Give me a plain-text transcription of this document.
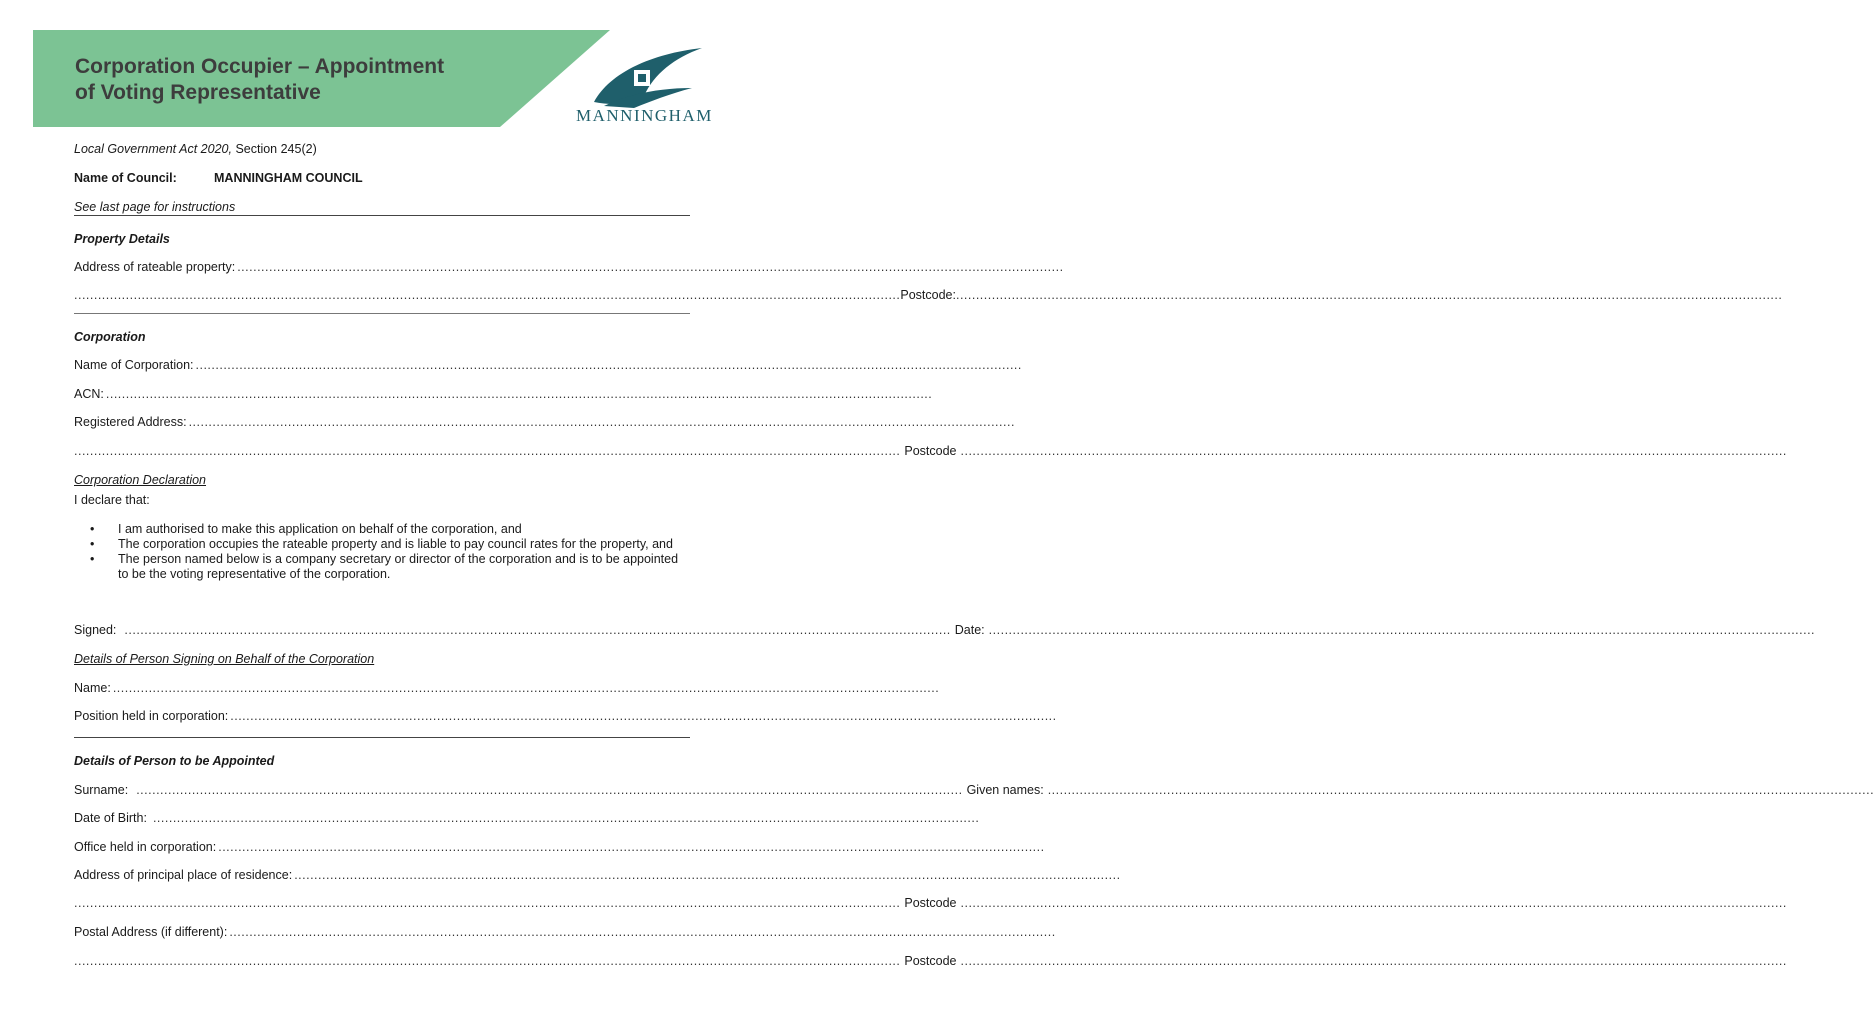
Corporation Occupier – Appointment
of Voting Representative
MANNINGHAM
Local Government Act 2020, Section 245(2)
Name of Council:	MANNINGHAM COUNCIL
See last page for instructions
Property Details
Address of rateable property: ................................................................................................................................................................................................................
................................................................................................................................................................................................................ Postcode: ................................................................................................................................................................................................................
Corporation
Name of Corporation: ................................................................................................................................................................................................................
ACN: ................................................................................................................................................................................................................
Registered Address: ................................................................................................................................................................................................................
................................................................................................................................................................................................................ Postcode ................................................................................................................................................................................................................
Corporation Declaration
I declare that:
•	I am authorised to make this application on behalf of the corporation, and
•	The corporation occupies the rateable property and is liable to pay council rates for the property, and
•	The person named below is a company secretary or director of the corporation and is to be appointed to be the voting representative of the corporation.
Signed: ................................................................................................................................................................................................................ Date: ................................................................................................................................................................................................................
Details of Person Signing on Behalf of the Corporation
Name: ................................................................................................................................................................................................................
Position held in corporation: ................................................................................................................................................................................................................
Details of Person to be Appointed
Surname: ................................................................................................................................................................................................................ Given names: ................................................................................................................................................................................................................
Date of Birth: ................................................................................................................................................................................................................
Office held in corporation: ................................................................................................................................................................................................................
Address of principal place of residence: ................................................................................................................................................................................................................
................................................................................................................................................................................................................ Postcode ................................................................................................................................................................................................................
Postal Address (if different): ................................................................................................................................................................................................................
................................................................................................................................................................................................................ Postcode ................................................................................................................................................................................................................
